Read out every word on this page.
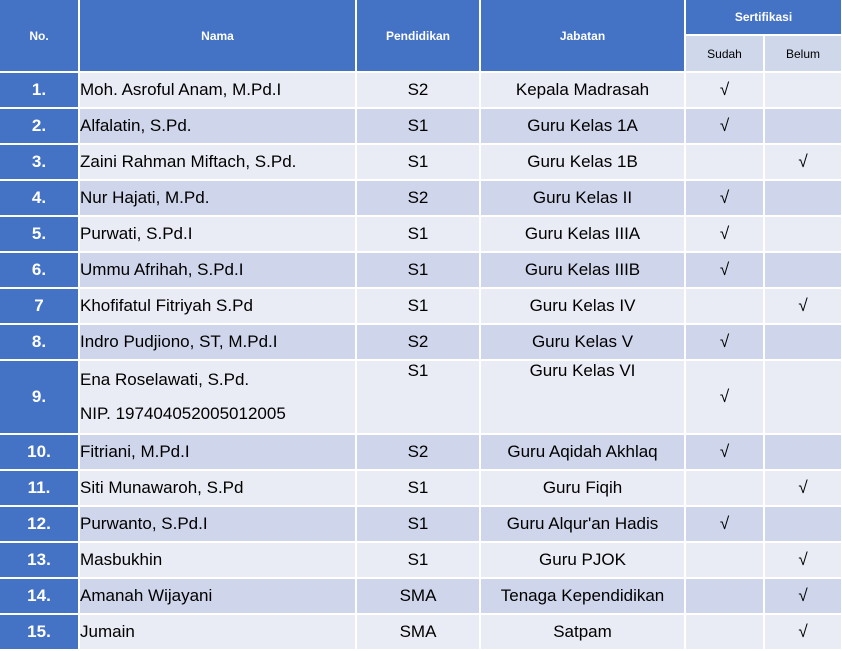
No.	Nama	Pendidikan	Jabatan	Sertifikasi	
				Sudah	Belum
1.	Moh. Asroful Anam, M.Pd.I	S2	Kepala Madrasah	√	
2.	Alfalatin, S.Pd.	S1	Guru Kelas 1A	√	
3.	Zaini Rahman Miftach, S.Pd.	S1	Guru Kelas 1B		√
4.	Nur Hajati, M.Pd.	S2	Guru Kelas II	√	
5.	Purwati, S.Pd.I	S1	Guru Kelas IIIA	√	
6.	Ummu Afrihah, S.Pd.I	S1	Guru Kelas IIIB	√	
7	Khofifatul Fitriyah S.Pd	S1	Guru Kelas IV		√
8.	Indro Pudjiono, ST, M.Pd.I	S2	Guru Kelas V	√	
9.	Ena Roselawati, S.Pd.
NIP. 197404052005012005	S1	Guru Kelas VI	√	
10.	Fitriani, M.Pd.I	S2	Guru Aqidah Akhlaq	√	
11.	Siti Munawaroh, S.Pd	S1	Guru Fiqih		√
12.	Purwanto, S.Pd.I	S1	Guru Alqur'an Hadis	√	
13.	Masbukhin	S1	Guru PJOK		√
14.	Amanah Wijayani	SMA	Tenaga Kependidikan		√
15.	Jumain	SMA	Satpam		√
